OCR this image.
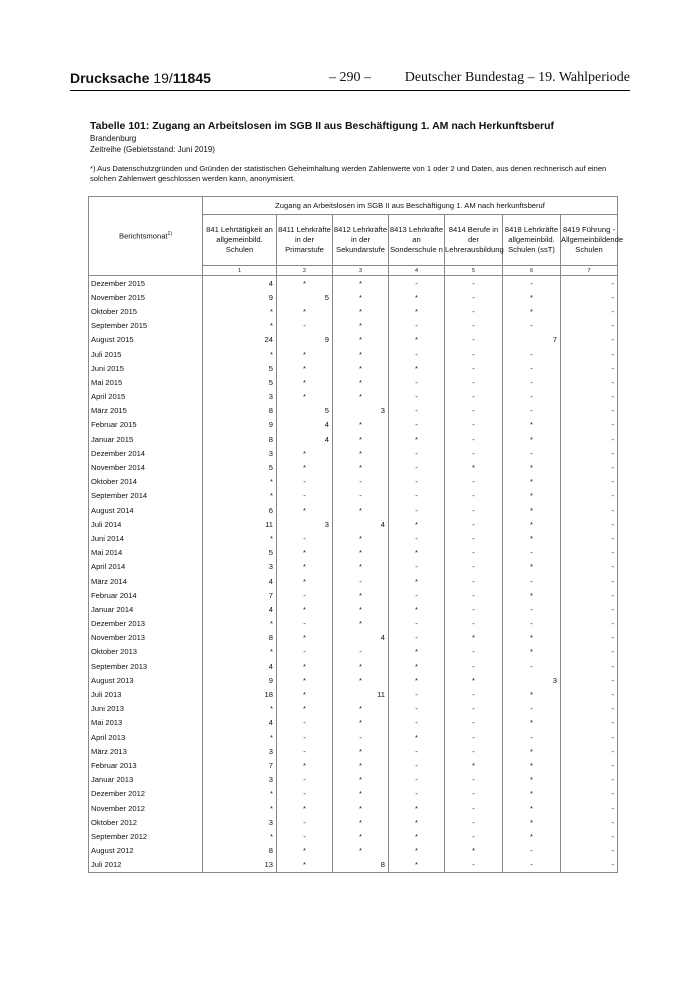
Drucksache 19/11845	– 290 –	Deutscher Bundestag – 19. Wahlperiode
Tabelle 101: Zugang an Arbeitslosen im SGB II aus Beschäftigung 1. AM nach Herkunftsberuf
Brandenburg
Zeitreihe (Gebietsstand: Juni 2019)
*) Aus Datenschutzgründen und Gründen der statistischen Geheimhaltung werden Zahlenwerte von 1 oder 2 und Daten, aus denen rechnerisch auf einen solchen Zahlenwert geschlossen werden kann, anonymisiert.
Berichtsmonat$^{1)}$	Zugang an Arbeitslosen im SGB II aus Beschäftigung 1. AM nach herkunftsberuf						
	841 Lehrtätigkeit an allgemeinbild. Schulen	8411 Lehrkräfte in der Primarstufe	8412 Lehrkräfte in der Sekundarstufe	8413 Lehrkräfte an Sonderschule n	8414 Berufe in der Lehrerausbildung	8418 Lehrkräfte allgemeinbild. Schulen (ssT)	8419 Führung - Allgemeinbildende Schulen
	1	2	3	4	5	6	7
Dezember 2015	4	*	*	-	-	-	-
November 2015	9	5	*	*	-	*	-
Oktober 2015	*	*	*	*	-	*	-
September 2015	*	-	*	-	-	-	-
August 2015	24	9	*	*	-	7	-
Juli 2015	*	*	*	-	-	-	-
Juni 2015	5	*	*	*	-	-	-
Mai 2015	5	*	*	-	-	-	-
April 2015	3	*	*	-	-	-	-
März 2015	8	5	3	-	-	-	-
Februar 2015	9	4	*	-	-	*	-
Januar 2015	8	4	*	*	-	*	-
Dezember 2014	3	*	*	-	-	-	-
November 2014	5	*	*	-	*	*	-
Oktober 2014	*	-	-	-	-	*	-
September 2014	*	-	-	-	-	*	-
August 2014	6	*	*	-	-	*	-
Juli 2014	11	3	4	*	-	*	-
Juni 2014	*	-	*	-	-	*	-
Mai 2014	5	*	*	*	-	-	-
April 2014	3	*	*	-	-	*	-
März 2014	4	*	-	*	-	-	-
Februar 2014	7	-	*	-	-	*	-
Januar 2014	4	*	*	*	-	-	-
Dezember 2013	*	-	*	-	-	-	-
November 2013	8	*	4	-	*	*	-
Oktober 2013	*	-	-	*	-	*	-
September 2013	4	*	*	*	-	-	-
August 2013	9	*	*	*	*	3	-
Juli 2013	18	*	11	-	-	*	-
Juni 2013	*	*	*	-	-	-	-
Mai 2013	4	-	*	-	-	*	-
April 2013	*	-	-	*	-	-	-
März 2013	3	-	*	-	-	*	-
Februar 2013	7	*	*	-	*	*	-
Januar 2013	3	-	*	-	-	*	-
Dezember 2012	*	-	*	-	-	*	-
November 2012	*	*	*	*	-	*	-
Oktober 2012	3	-	*	*	-	*	-
September 2012	*	-	*	*	-	*	-
August 2012	8	*	*	*	*	-	-
Juli 2012	13	*	8	*	-	-	-
